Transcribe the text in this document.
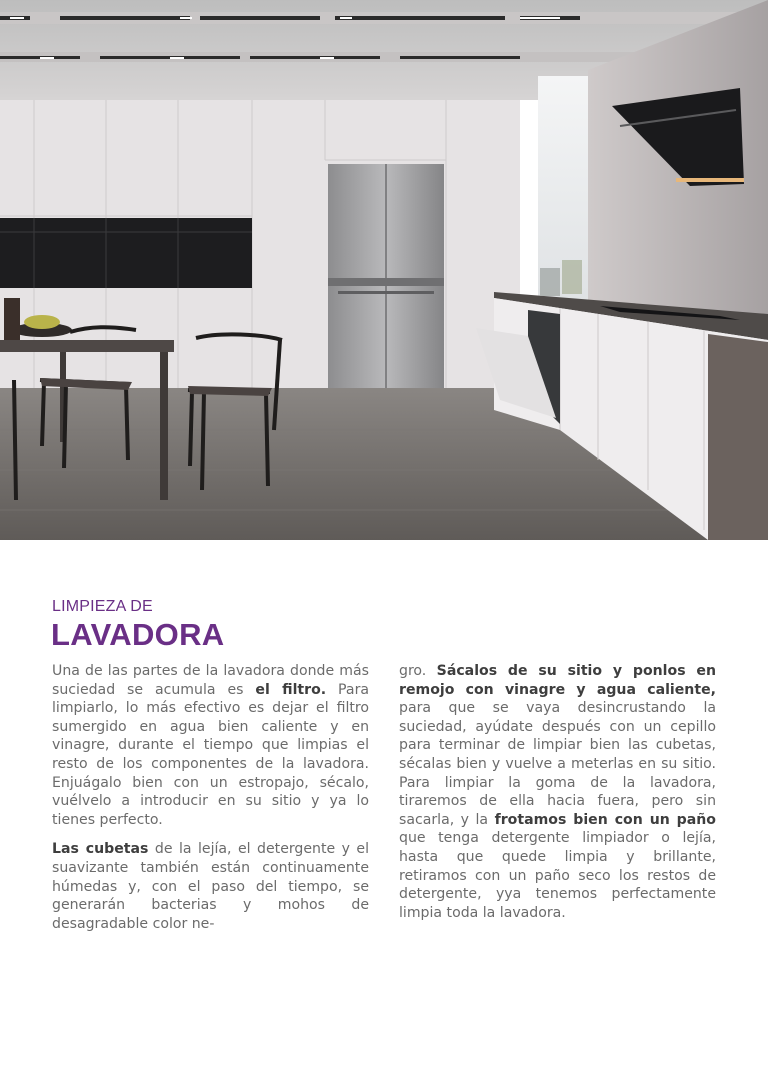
LIMPIEZA DE
LAVADORA

Una de las partes de la lavadora donde más suciedad se acumula es el filtro. Para limpiarlo, lo más efectivo es dejar el filtro sumergido en agua bien caliente y en vinagre, durante el tiempo que limpias el resto de los componentes de la lavadora. Enjuágalo bien con un estropajo, sécalo, vuélvelo a introducir en su sitio y ya lo tienes perfecto.

Las cubetas de la lejía, el detergente y el suavizante también están continuamente húmedas y, con el paso del tiempo, se generarán bacterias y mohos de desagradable color ne-

gro. Sácalos de su sitio y ponlos en remojo con vinagre y agua caliente, para que se vaya desincrustando la suciedad, ayúdate después con un cepillo para terminar de limpiar bien las cubetas, sécalas bien y vuelve a meterlas en su sitio. Para limpiar la goma de la lavadora, tiraremos de ella hacia fuera, pero sin sacarla, y la frotamos bien con un paño que tenga detergente limpiador o lejía, hasta que quede limpia y brillante, retiramos con un paño seco los restos de detergente, yya tenemos perfectamente limpia toda la lavadora.
